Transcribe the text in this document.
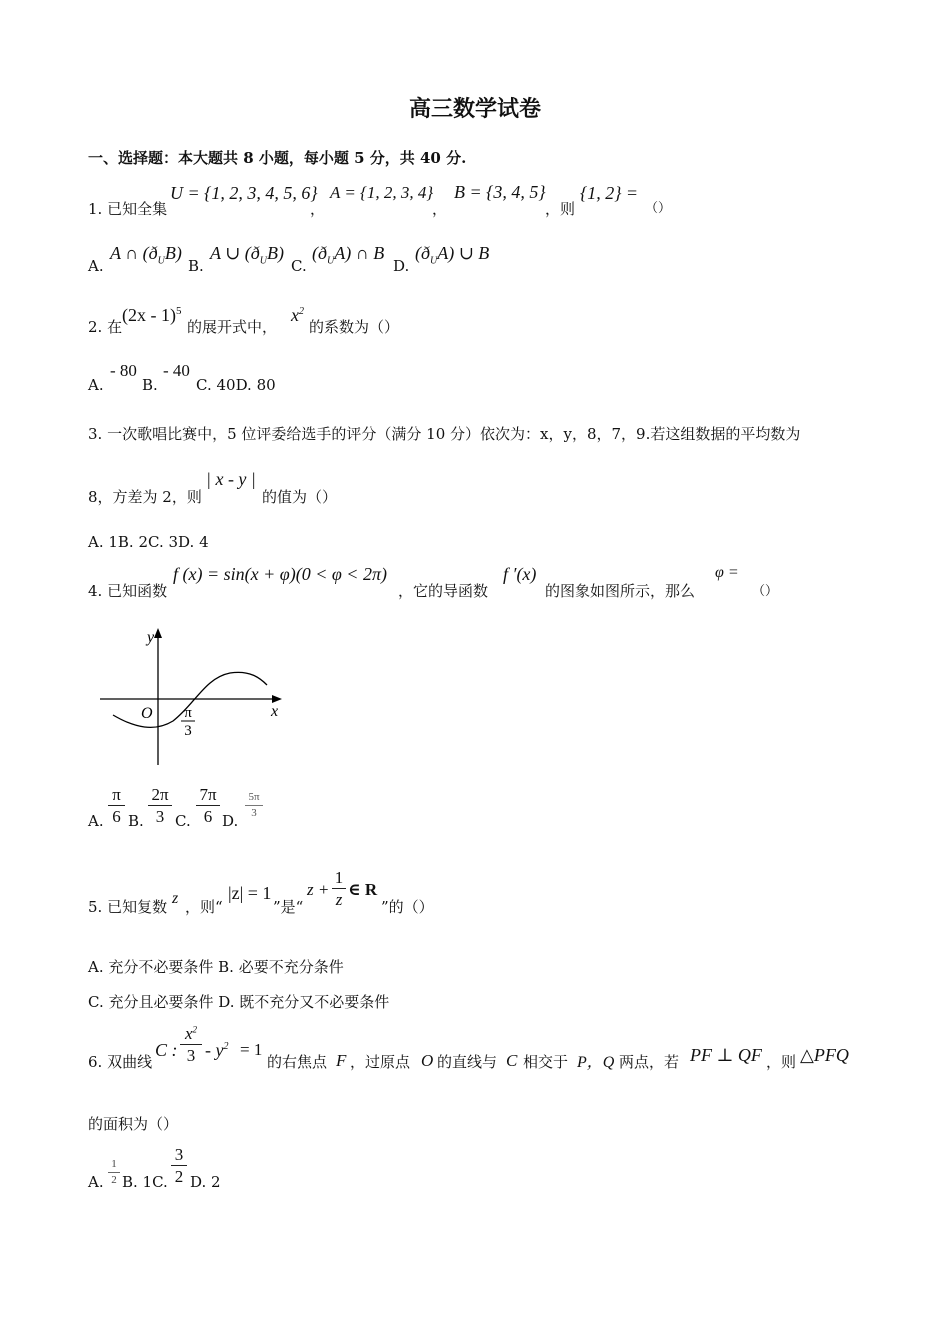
高三数学试卷
一、选择题：本大题共 8 小题，每小题 5 分，共 40 分.
1. 已知全集
U = {1, 2, 3, 4, 5, 6}
，
A = {1, 2, 3, 4}
，
B = {3, 4, 5}
，则
{1, 2} =
（）
A.
A ∩ $(ð_UB)$
B.
A ∪ $(ð_UB)$
C.
$(ð_UA)$ ∩ B
D.
$(ð_UA)$ ∪ B
2. 在
(2x - 1)$^5$
的展开式中，
$x^2$
的系数为（）
A.
- 80
B.
- 40
C. 40D. 80
3. 一次歌唱比赛中，5 位评委给选手的评分（满分 10 分）依次为：x，y，8，7，9.若这组数据的平均数为
8，方差为 2，则
| x - y |
的值为（）
A. 1B. 2C. 3D. 4
4. 已知函数
f (x) = sin(x + φ)(0 < φ < 2π)
，它的导函数
f ′(x)
的图象如图所示，那么
φ =
（）
y
x
O π
3
A.
π
6 B.
2π
3 C.
7π
6 D.
5π
3
5. 已知复数 z ，则“
|z| = 1
”是“
z +
1
z
∈ R
”的（）
A. 充分不必要条件 B. 必要不充分条件
C. 充分且必要条件 D. 既不充分又不必要条件
6. 双曲线
C :
$x^2$
$3 - y^2 = 1$
的右焦点 F ，过原点 O 的直线与 C 相交于 P，Q 两点，若 PF ⊥ QF ，则 △PFQ
的面积为（）
A.
1
2 B. 1C.
3
2 D. 2
